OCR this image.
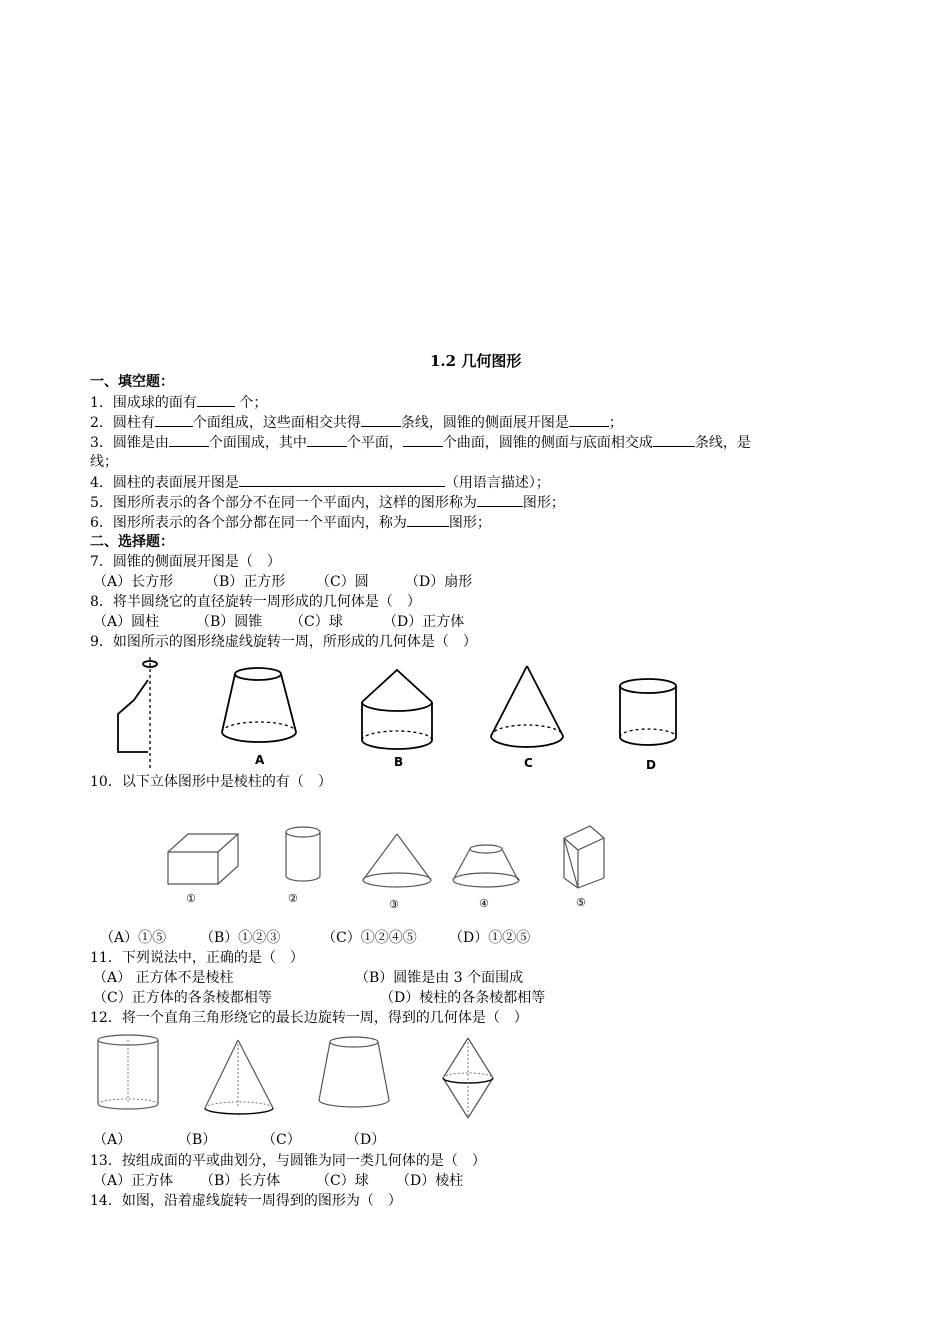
1.2 几何图形
一、填空题：
1．围成球的面有	个；
2．圆柱有	个面组成，这些面相交共得	条线，圆锥的侧面展开图是	；
3．圆锥是由	个面围成，其中	个平面，	个曲面，圆锥的侧面与底面相交成	条线，是
线；
4．圆柱的表面展开图是	（用语言描述）；
5．图形所表示的各个部分不在同一个平面内，这样的图形称为	图形；
6．图形所表示的各个部分都在同一个平面内，称为	图形；
二、选择题：
7．圆锥的侧面展开图是（　）
（A）长方形 （B）正方形 （C）圆	（D）扇形
8．将半圆绕它的直径旋转一周形成的几何体是（　）
（A）圆柱	（B）圆锥 （C）球	（D）正方体
9．如图所示的图形绕虚线旋转一周，所形成的几何体是（　）
A	B	C	D
10．以下立体图形中是棱柱的有（　）
①	②	③	④	⑤
（A）①⑤ （B）①②③	（C）①②④⑤ （D）①②⑤
11．下列说法中，正确的是（　）
（A） 正方体不是棱柱	（B）圆锥是由 3 个面围成
（C）正方体的各条棱都相等	（D）棱柱的各条棱都相等
12．将一个直角三角形绕它的最长边旋转一周，得到的几何体是（　）
（A）	（B）	（C）	（D）
13．按组成面的平或曲划分，与圆锥为同一类几何体的是（　）
（A）正方体 （B）长方体	（C）球 （D）棱柱
14．如图，沿着虚线旋转一周得到的图形为（　）
